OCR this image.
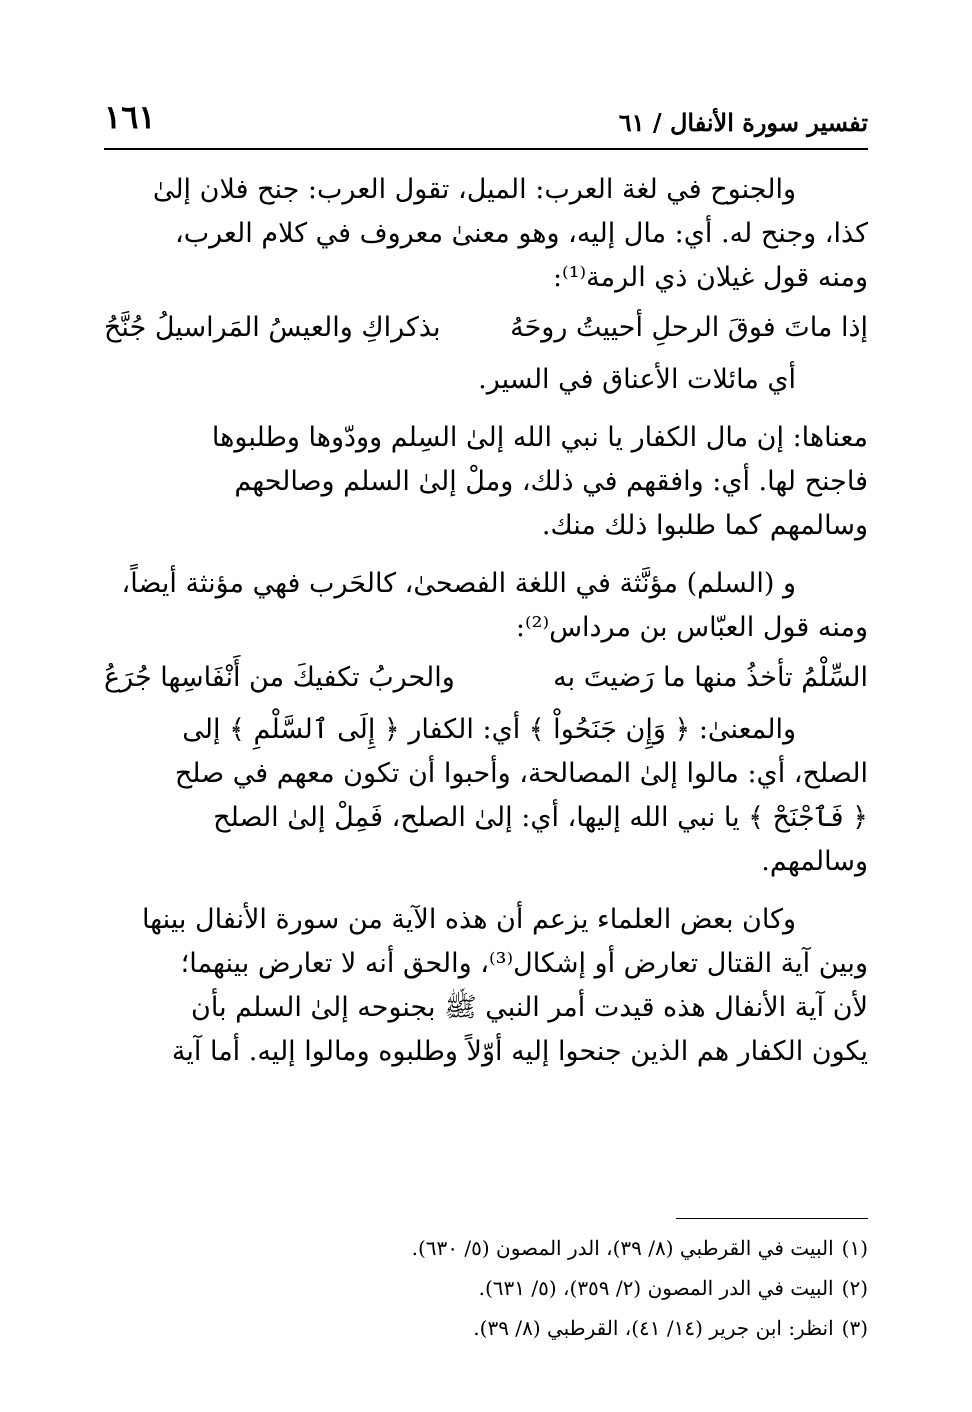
تفسير سورة الأنفال / ٦١
١٦١
والجنوح في لغة العرب: الميل، تقول العرب: جنح فلان إلىٰ
كذا، وجنح له. أي: مال إليه، وهو معنىٰ معروف في كلام العرب،
ومنه قول غيلان ذي الرمة⁽¹⁾:
إذا ماتَ فوقَ الرحلِ أحييتُ روحَهُ
بذكراكِ والعيسُ المَراسيلُ جُنَّحُ
أي مائلات الأعناق في السير.
معناها: إن مال الكفار يا نبي الله إلىٰ السِلم وودّوها وطلبوها
فاجنح لها. أي: وافقهم في ذلك، وملْ إلىٰ السلم وصالحهم
وسالمهم كما طلبوا ذلك منك.
و (السلم) مؤنَّثة في اللغة الفصحىٰ، كالحَرب فهي مؤنثة أيضاً،
ومنه قول العبّاس بن مرداس⁽²⁾:
السِّلْمُ تأخذُ منها ما رَضيتَ به
والحربُ تكفيكَ من أَنْفَاسِها جُرَعُ
والمعنىٰ: ﴿ وَإِن جَنَحُواْ ﴾ أي: الكفار ﴿ إِلَى ٱلسَّلْمِ ﴾ إلى
الصلح، أي: مالوا إلىٰ المصالحة، وأحبوا أن تكون معهم في صلح
﴿ فَٱجْنَحْ ﴾ يا نبي الله إليها، أي: إلىٰ الصلح، فَمِلْ إلىٰ الصلح
وسالمهم.
وكان بعض العلماء يزعم أن هذه الآية من سورة الأنفال بينها
وبين آية القتال تعارض أو إشكال⁽³⁾، والحق أنه لا تعارض بينهما؛
لأن آية الأنفال هذه قيدت أمر النبي ﷺ بجنوحه إلىٰ السلم بأن
يكون الكفار هم الذين جنحوا إليه أوّلاً وطلبوه ومالوا إليه. أما آية
(١)البيت في القرطبي (٨/ ٣٩)، الدر المصون (٥/ ٦٣٠).
(٢)البيت في الدر المصون (٢/ ٣٥٩)، (٥/ ٦٣١).
(٣)انظر: ابن جرير (١٤/ ٤١)، القرطبي (٨/ ٣٩).
